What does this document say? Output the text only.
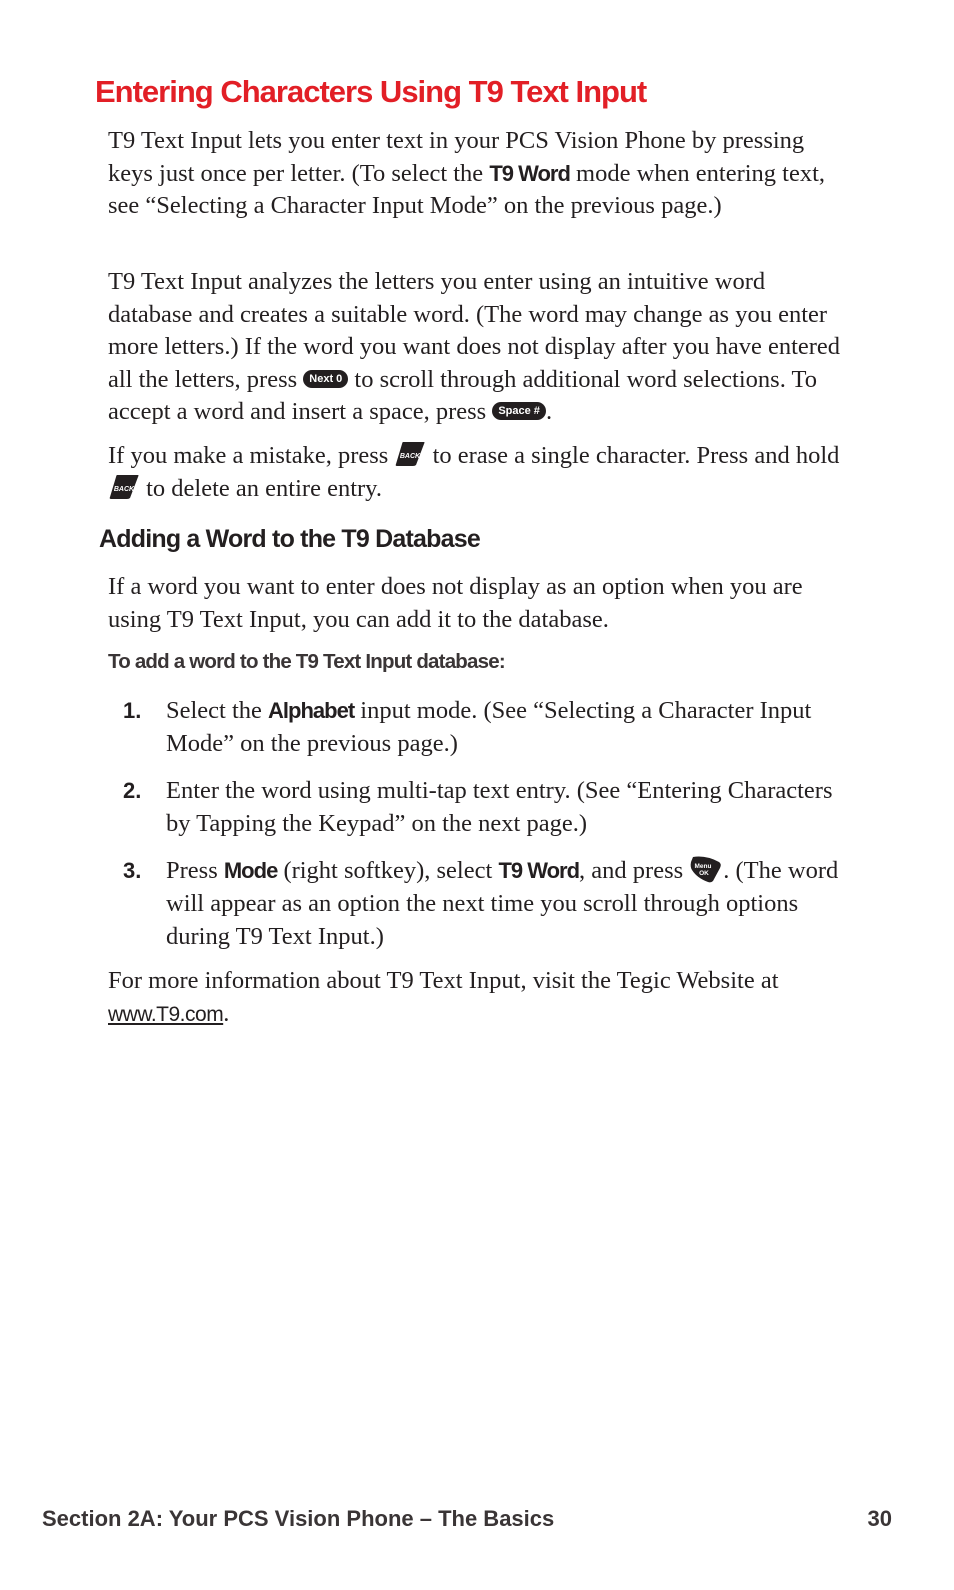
Entering Characters Using T9 Text Input

T9 Text Input lets you enter text in your PCS Vision Phone by pressing keys just once per letter. (To select the T9 Word mode when entering text, see “Selecting a Character Input Mode” on the previous page.)

T9 Text Input analyzes the letters you enter using an intuitive word database and creates a suitable word. (The word may change as you enter more letters.) If the word you want does not display after you have entered all the letters, press Next 0 to scroll through additional word selections. To accept a word and insert a space, press Space # .

If you make a mistake, press BACK to erase a single character. Press and hold
BACK to delete an entire entry.

Adding a Word to the T9 Database

If a word you want to enter does not display as an option when you are using T9 Text Input, you can add it to the database.

To add a word to the T9 Text Input database:
1.	Select the Alphabet input mode. (See “Selecting a Character Input Mode” on the previous page.)
2.	Enter the word using multi-tap text entry. (See “Entering Characters by Tapping the Keypad” on the next page.)
3.	Press Mode (right softkey), select T9 Word, and press Menu
OK . (The word will appear as an option the next time you scroll through options during T9 Text Input.)

For more information about T9 Text Input, visit the Tegic Website at www.T9.com.

Section 2A: Your PCS Vision Phone – The Basics	30
